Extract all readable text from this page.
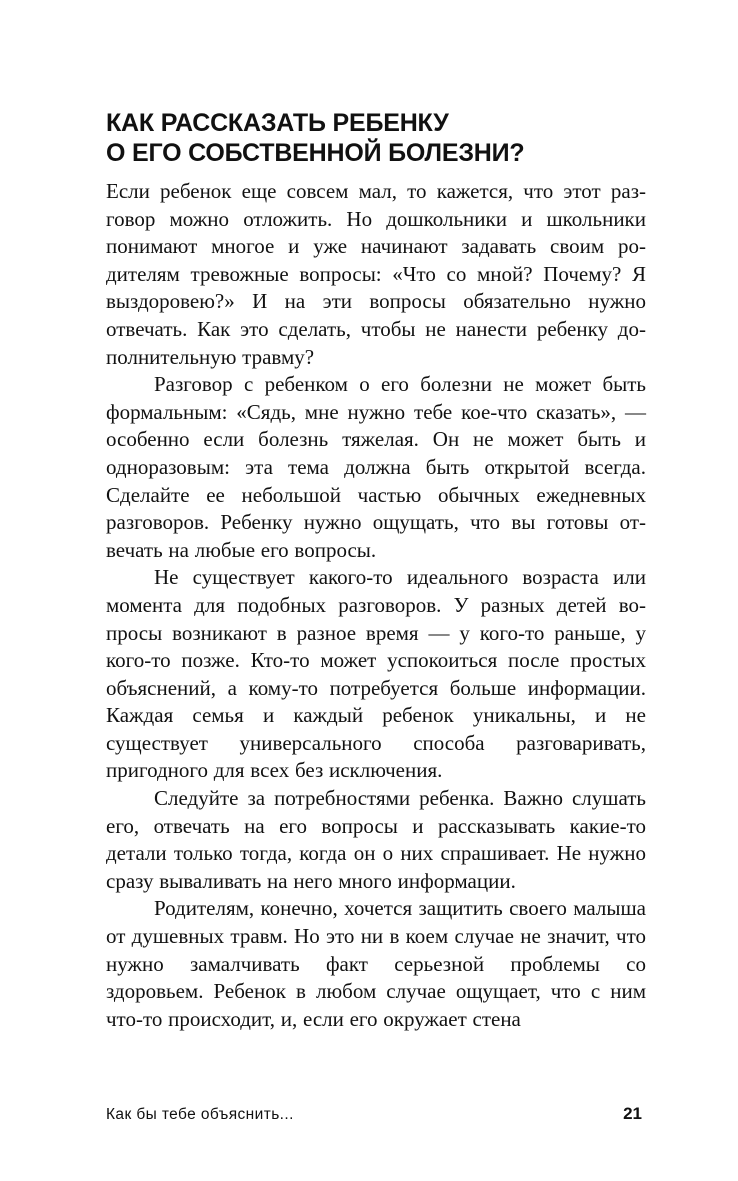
КАК РАССКАЗАТЬ РЕБЕНКУ
О ЕГО СОБСТВЕННОЙ БОЛЕЗНИ?

Если ребенок еще совсем мал, то кажется, что этот разговор можно отложить. Но дошкольники и школьники понимают многое и уже начинают задавать своим родителям тревожные вопросы: «Что со мной? Почему? Я выздоровею?» И на эти вопросы обязательно нужно отвечать. Как это сделать, чтобы не нанести ребенку дополнительную травму?

Разговор с ребенком о его болезни не может быть формальным: «Сядь, мне нужно тебе кое-что сказать», — особенно если болезнь тяжелая. Он не может быть и одноразовым: эта тема должна быть открытой всегда. Сделайте ее небольшой частью обычных ежедневных разговоров. Ребенку нужно ощущать, что вы готовы отвечать на любые его вопросы.

Не существует какого-то идеального возраста или момента для подобных разговоров. У разных детей вопросы возникают в разное время — у кого-то раньше, у кого-то позже. Кто-то может успокоиться после простых объяснений, а кому-то потребуется больше информации. Каждая семья и каждый ребенок уникальны, и не существует универсального способа разговаривать, пригодного для всех без исключения.

Следуйте за потребностями ребенка. Важно слушать его, отвечать на его вопросы и рассказывать какие-то детали только тогда, когда он о них спрашивает. Не нужно сразу вываливать на него много информации.

Родителям, конечно, хочется защитить своего малыша от душевных травм. Но это ни в коем случае не значит, что нужно замалчивать факт серьезной проблемы со здоровьем. Ребенок в любом случае ощущает, что с ним что-то происходит, и, если его окружает стена

Как бы тебе объяснить...	21
